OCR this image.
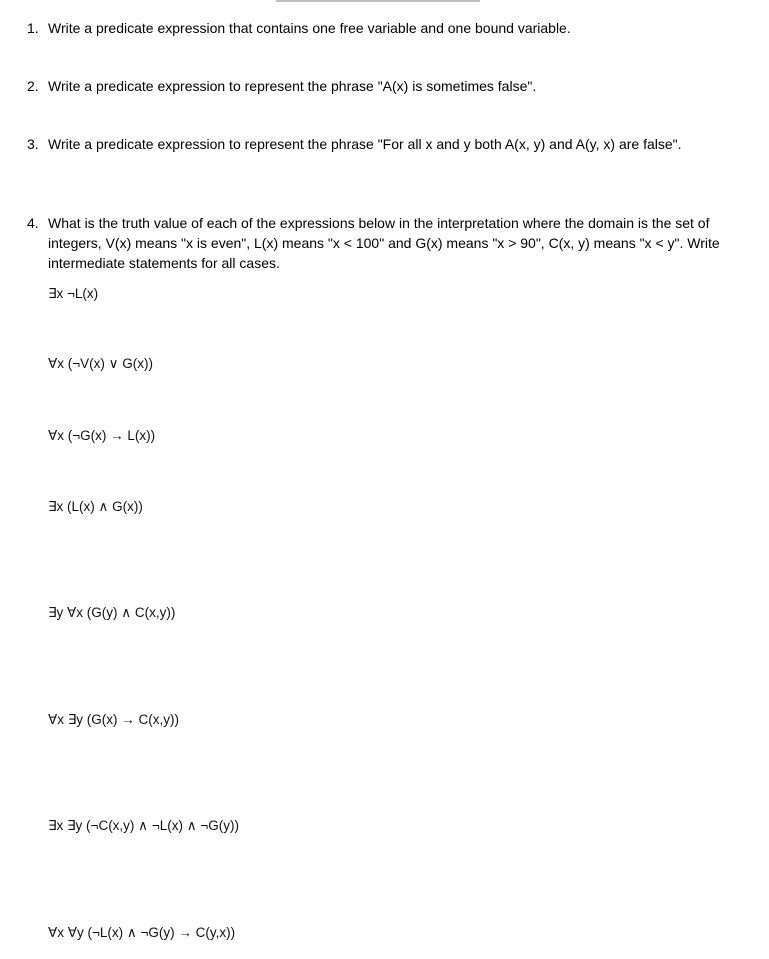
1. Write a predicate expression that contains one free variable and one bound variable.
2. Write a predicate expression to represent the phrase "A(x) is sometimes false".
3. Write a predicate expression to represent the phrase "For all x and y both A(x, y) and A(y, x) are false".
4. What is the truth value of each of the expressions below in the interpretation where the domain is the set of integers, V(x) means "x is even", L(x) means "x < 100" and G(x) means "x > 90", C(x, y) means "x < y". Write intermediate statements for all cases.
∃x ¬L(x)
∀x (¬V(x) ∨ G(x))
∀x (¬G(x) → L(x))
∃x (L(x) ∧ G(x))
∃y ∀x (G(y) ∧ C(x,y))
∀x ∃y (G(x) → C(x,y))
∃x ∃y (¬C(x,y) ∧ ¬L(x) ∧ ¬G(y))
∀x ∀y (¬L(x) ∧ ¬G(y) → C(y,x))
